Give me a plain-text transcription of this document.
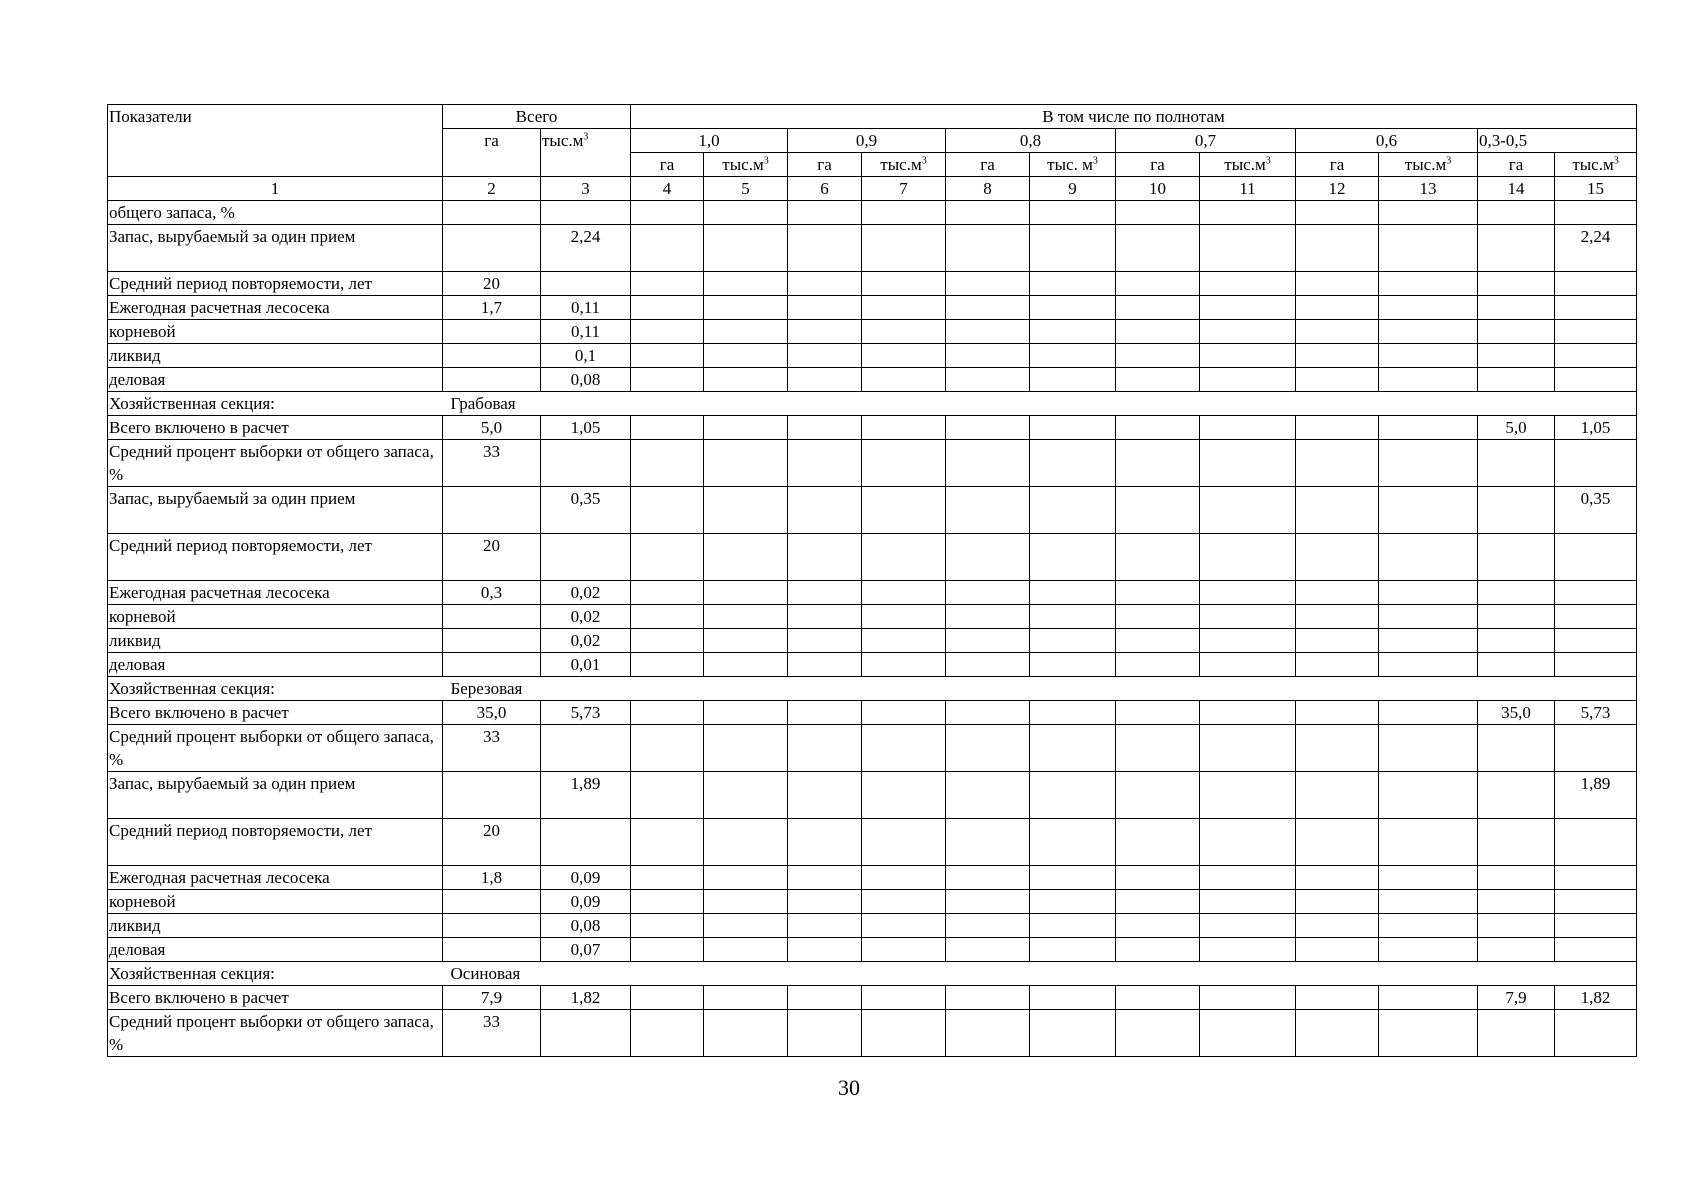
Показатели	Всего		В том числе по полнотам											
	га	$тыс.м^3$	1,0		0,9		0,8		0,7		0,6		0,3-0,5	
			га	$тыс.м^3$	га	$тыс.м^3$	га	тыс. $м^3$	га	$тыс.м^3$	га	$тыс.м^3$	га	$тыс.м^3$
1	2	3	4	5	6	7	8	9	10	11	12	13	14	15
общего запаса, %														
Запас, вырубаемый за один прием		2,24												2,24
Средний период повторяемости, лет	20													
Ежегодная расчетная лесосека	1,7	0,11												
корневой		0,11												
ликвид		0,1												
деловая		0,08												
Хозяйственная секция:	Грабовая													
Всего включено в расчет	5,0	1,05											5,0	1,05
Средний процент выборки от общего запаса, %	33													
Запас, вырубаемый за один прием		0,35												0,35
Средний период повторяемости, лет	20													
Ежегодная расчетная лесосека	0,3	0,02												
корневой		0,02												
ликвид		0,02												
деловая		0,01												
Хозяйственная секция:	Березовая													
Всего включено в расчет	35,0	5,73											35,0	5,73
Средний процент выборки от общего запаса, %	33													
Запас, вырубаемый за один прием		1,89												1,89
Средний период повторяемости, лет	20													
Ежегодная расчетная лесосека	1,8	0,09												
корневой		0,09												
ликвид		0,08												
деловая		0,07												
Хозяйственная секция:	Осиновая													
Всего включено в расчет	7,9	1,82											7,9	1,82
Средний процент выборки от общего запаса, %	33													
30
